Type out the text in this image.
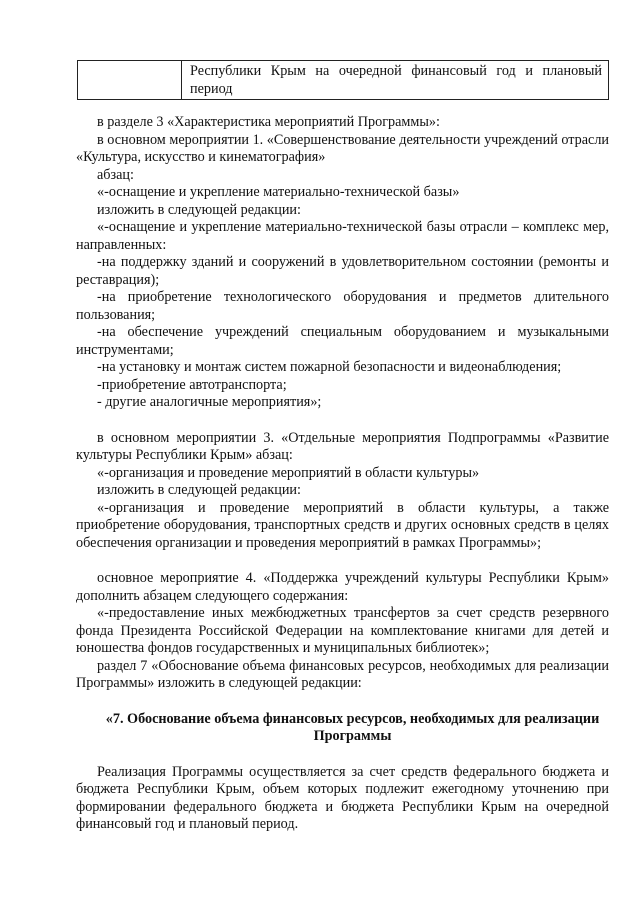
Республики Крым на очередной финансовый год и плановый период

в разделе 3 «Характеристика мероприятий Программы»:

в основном мероприятии 1. «Совершенствование деятельности учреждений отрасли «Культура, искусство и кинематография»

абзац:

«-оснащение и укрепление материально-технической базы»

изложить в следующей редакции:

«-оснащение и укрепление материально-технической базы отрасли – комплекс мер, направленных:

-на поддержку зданий и сооружений в удовлетворительном состоянии (ремонты и реставрация);

-на приобретение технологического оборудования и предметов длительного пользования;

-на обеспечение учреждений специальным оборудованием и музыкальными инструментами;

-на установку и монтаж систем пожарной безопасности и видеонаблюдения;

-приобретение автотранспорта;

- другие аналогичные мероприятия»;

в основном мероприятии 3. «Отдельные мероприятия Подпрограммы «Развитие культуры Республики Крым» абзац:

«-организация и проведение мероприятий в области культуры»

изложить в следующей редакции:

«-организация и проведение мероприятий в области культуры, а также приобретение оборудования, транспортных средств и других основных средств в целях обеспечения организации и проведения мероприятий в рамках Программы»;

основное мероприятие 4. «Поддержка учреждений культуры Республики Крым» дополнить абзацем следующего содержания:

«-предоставление иных межбюджетных трансфертов за счет средств резервного фонда Президента Российской Федерации на комплектование книгами для детей и юношества фондов государственных и муниципальных библиотек»;

раздел 7 «Обоснование объема финансовых ресурсов, необходимых для реализации Программы» изложить в следующей редакции:

«7. Обоснование объема финансовых ресурсов, необходимых для реализации Программы

Реализация Программы осуществляется за счет средств федерального бюджета и бюджета Республики Крым, объем которых подлежит ежегодному уточнению при формировании федерального бюджета и бюджета Республики Крым на очередной финансовый год и плановый период.
